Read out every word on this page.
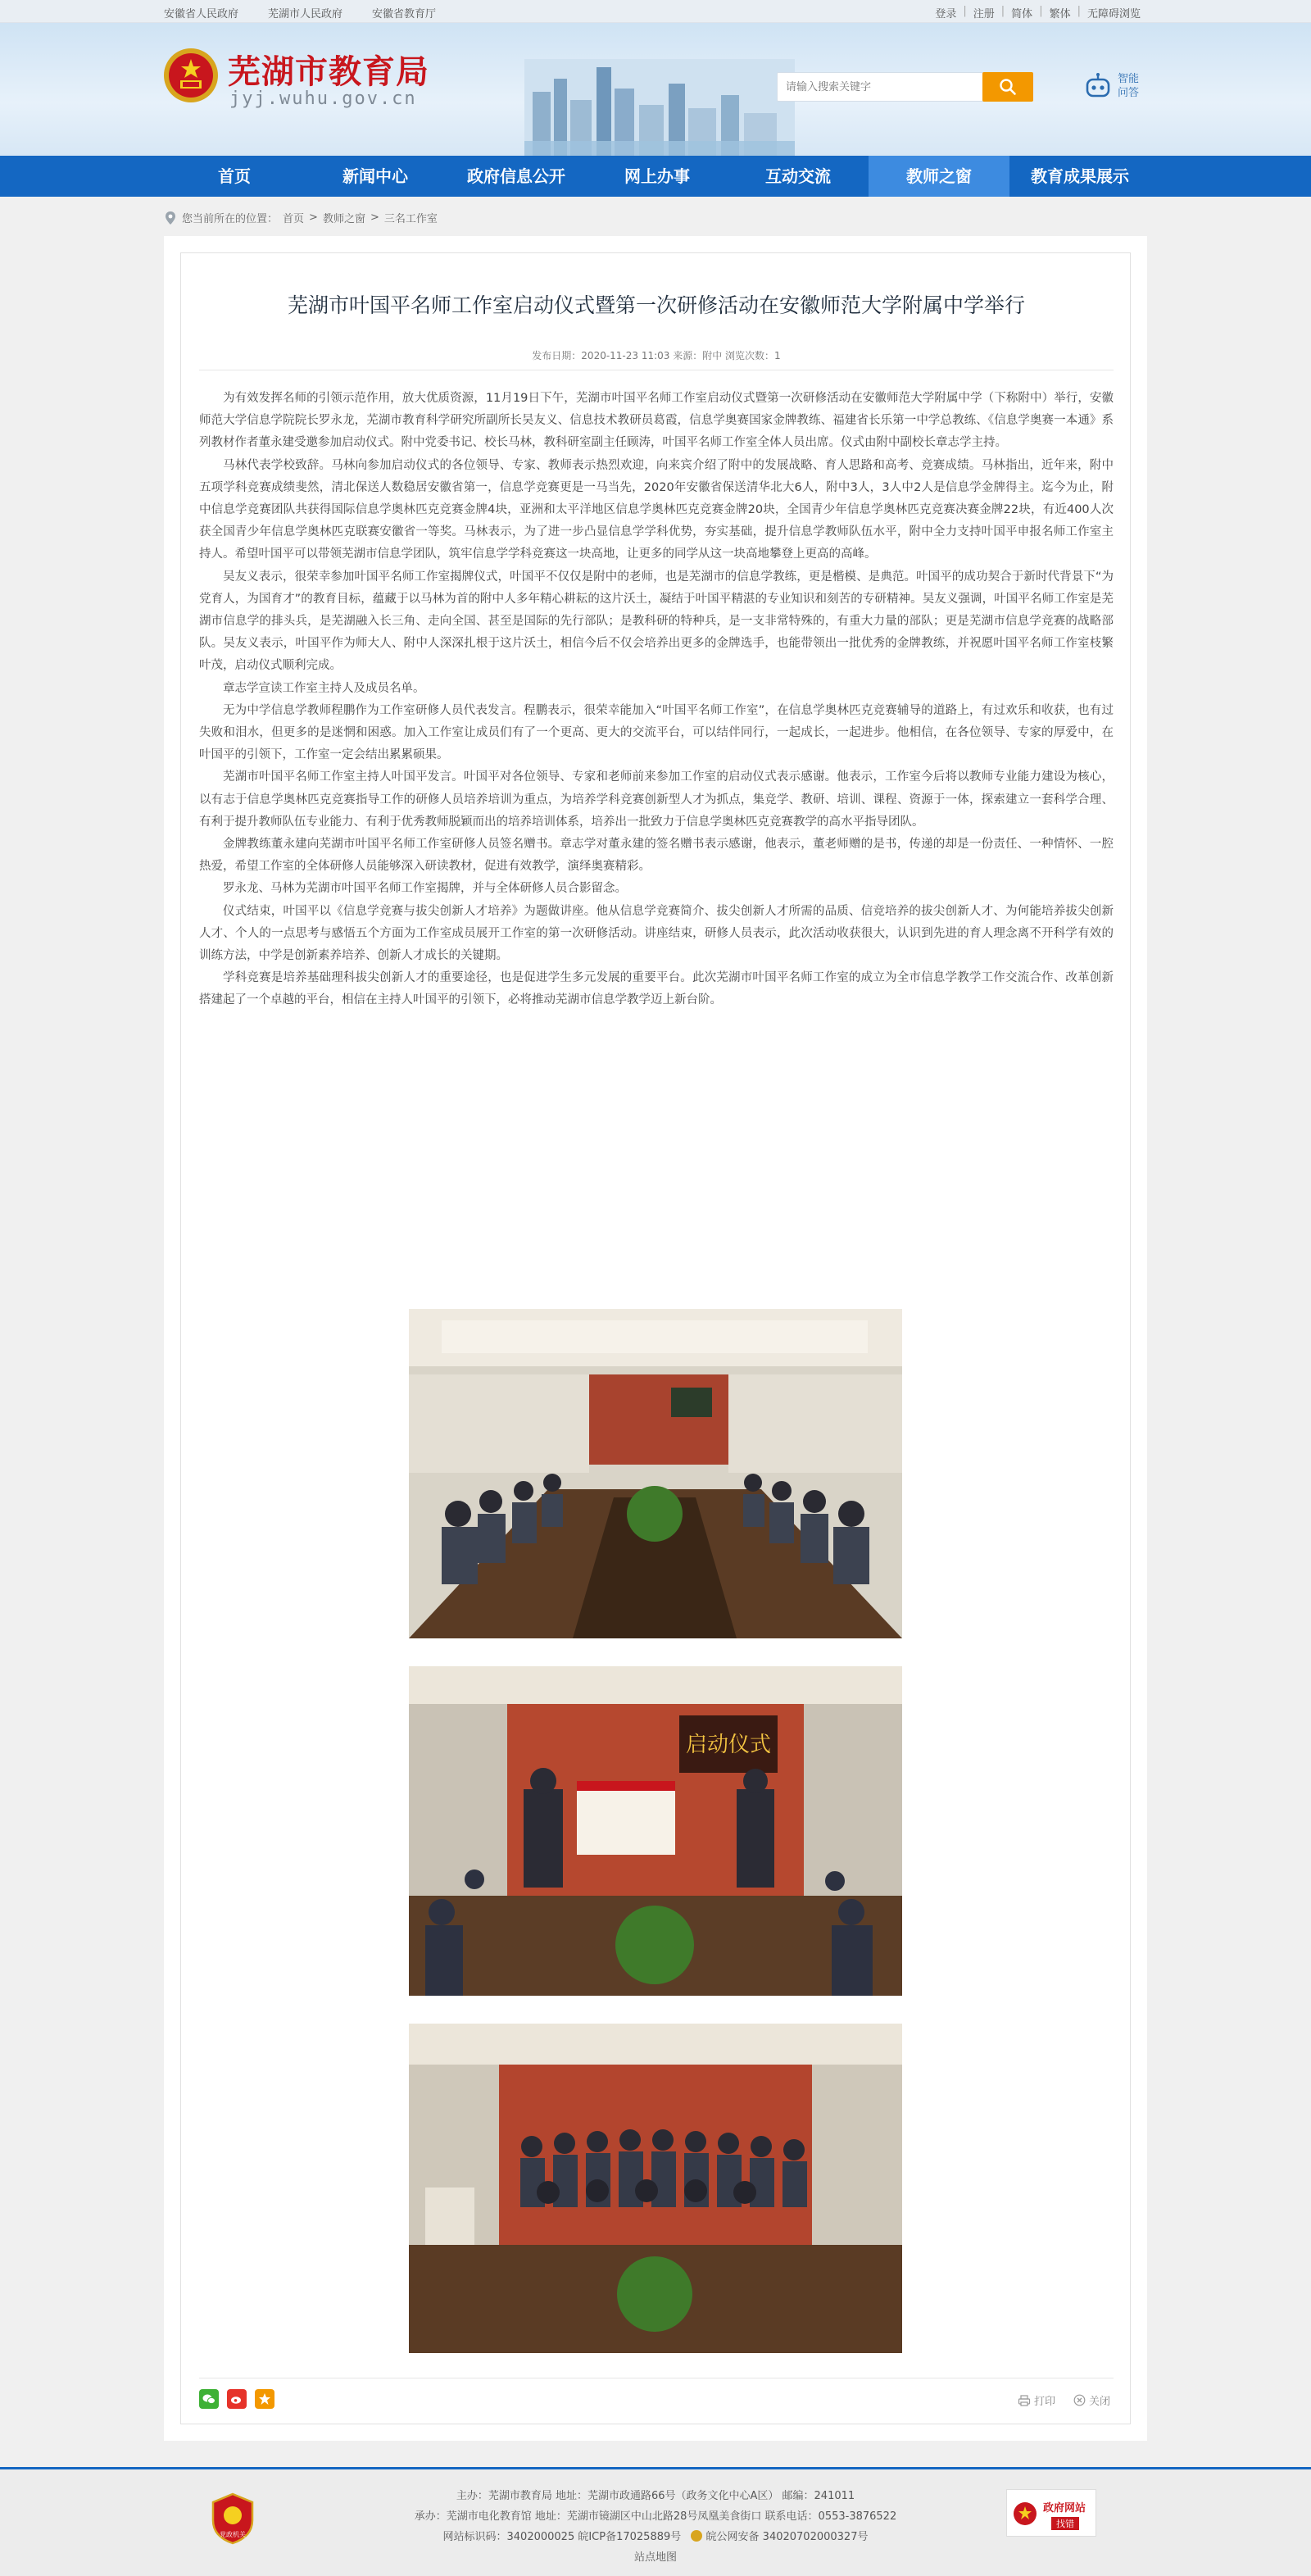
安徽省人民政府	芜湖市人民政府	安徽省教育厅	登录 | 注册 | 简体 | 繁体 | 无障碍浏览
芜湖市教育局
jyj.wuhu.gov.cn
请输入搜索关键字
智能问答
首页	新闻中心	政府信息公开	网上办事	互动交流	教师之窗	教育成果展示
您当前所在的位置： 首页 > 教师之窗 > 三名工作室
芜湖市叶国平名师工作室启动仪式暨第一次研修活动在安徽师范大学附属中学举行
发布日期：2020-11-23 11:03 来源：附中 浏览次数：1

为有效发挥名师的引领示范作用，放大优质资源，11月19日下午，芜湖市叶国平名师工作室启动仪式暨第一次研修活动在安徽师范大学附属中学（下称附中）举行，安徽师范大学信息学院院长罗永龙，芜湖市教育科学研究所副所长吴友义、信息技术教研员葛霞，信息学奥赛国家金牌教练、福建省长乐第一中学总教练、《信息学奥赛一本通》系列教材作者董永建受邀参加启动仪式。附中党委书记、校长马林，教科研室副主任顾涛，叶国平名师工作室全体人员出席。仪式由附中副校长章志学主持。

马林代表学校致辞。马林向参加启动仪式的各位领导、专家、教师表示热烈欢迎，向来宾介绍了附中的发展战略、育人思路和高考、竞赛成绩。马林指出，近年来，附中五项学科竞赛成绩斐然，清北保送人数稳居安徽省第一，信息学竞赛更是一马当先，2020年安徽省保送清华北大6人，附中3人，3人中2人是信息学金牌得主。迄今为止，附中信息学竞赛团队共获得国际信息学奥林匹克竞赛金牌4块，亚洲和太平洋地区信息学奥林匹克竞赛金牌20块，全国青少年信息学奥林匹克竞赛决赛金牌22块，有近400人次获全国青少年信息学奥林匹克联赛安徽省一等奖。马林表示，为了进一步凸显信息学学科优势，夯实基础，提升信息学教师队伍水平，附中全力支持叶国平申报名师工作室主持人。希望叶国平可以带领芜湖市信息学团队，筑牢信息学学科竞赛这一块高地，让更多的同学从这一块高地攀登上更高的高峰。

吴友义表示，很荣幸参加叶国平名师工作室揭牌仪式，叶国平不仅仅是附中的老师，也是芜湖市的信息学教练，更是楷模、是典范。叶国平的成功契合于新时代背景下“为党育人，为国育才”的教育目标，蕴藏于以马林为首的附中人多年精心耕耘的这片沃土，凝结于叶国平精湛的专业知识和刻苦的专研精神。吴友义强调，叶国平名师工作室是芜湖市信息学的排头兵，是芜湖融入长三角、走向全国、甚至是国际的先行部队；是教科研的特种兵，是一支非常特殊的，有重大力量的部队；更是芜湖市信息学竞赛的战略部队。吴友义表示，叶国平作为师大人、附中人深深扎根于这片沃土，相信今后不仅会培养出更多的金牌选手，也能带领出一批优秀的金牌教练，并祝愿叶国平名师工作室枝繁叶茂，启动仪式顺利完成。

章志学宣读工作室主持人及成员名单。

无为中学信息学教师程鹏作为工作室研修人员代表发言。程鹏表示，很荣幸能加入“叶国平名师工作室”，在信息学奥林匹克竞赛辅导的道路上，有过欢乐和收获，也有过失败和泪水，但更多的是迷惘和困惑。加入工作室让成员们有了一个更高、更大的交流平台，可以结伴同行，一起成长，一起进步。他相信，在各位领导、专家的厚爱中，在叶国平的引领下，工作室一定会结出累累硕果。

芜湖市叶国平名师工作室主持人叶国平发言。叶国平对各位领导、专家和老师前来参加工作室的启动仪式表示感谢。他表示，工作室今后将以教师专业能力建设为核心，以有志于信息学奥林匹克竞赛指导工作的研修人员培养培训为重点，为培养学科竞赛创新型人才为抓点，集竞学、教研、培训、课程、资源于一体，探索建立一套科学合理、有利于提升教师队伍专业能力、有利于优秀教师脱颖而出的培养培训体系，培养出一批致力于信息学奥林匹克竞赛教学的高水平指导团队。

金牌教练董永建向芜湖市叶国平名师工作室研修人员签名赠书。章志学对董永建的签名赠书表示感谢，他表示，董老师赠的是书，传递的却是一份责任、一种情怀、一腔热爱，希望工作室的全体研修人员能够深入研读教材，促进有效教学，演绎奥赛精彩。

罗永龙、马林为芜湖市叶国平名师工作室揭牌，并与全体研修人员合影留念。

仪式结束，叶国平以《信息学竞赛与拔尖创新人才培养》为题做讲座。他从信息学竞赛简介、拔尖创新人才所需的品质、信竞培养的拔尖创新人才、为何能培养拔尖创新人才、个人的一点思考与感悟五个方面为工作室成员展开工作室的第一次研修活动。讲座结束，研修人员表示，此次活动收获很大，认识到先进的育人理念离不开科学有效的训练方法，中学是创新素养培养、创新人才成长的关键期。

学科竞赛是培养基础理科拔尖创新人才的重要途径，也是促进学生多元发展的重要平台。此次芜湖市叶国平名师工作室的成立为全市信息学教学工作交流合作、改革创新搭建起了一个卓越的平台，相信在主持人叶国平的引领下，必将推动芜湖市信息学教学迈上新台阶。

启动仪式
打印	关闭
党政机关
主办：芜湖市教育局 地址：芜湖市政通路66号（政务文化中心A区） 邮编：241011
承办：芜湖市电化教育馆 地址：芜湖市镜湖区中山北路28号凤凰美食街口 联系电话：0553-3876522
网站标识码：3402000025 皖ICP备17025889号 皖公网安备 34020702000327号
站点地图
政府网站
找错
